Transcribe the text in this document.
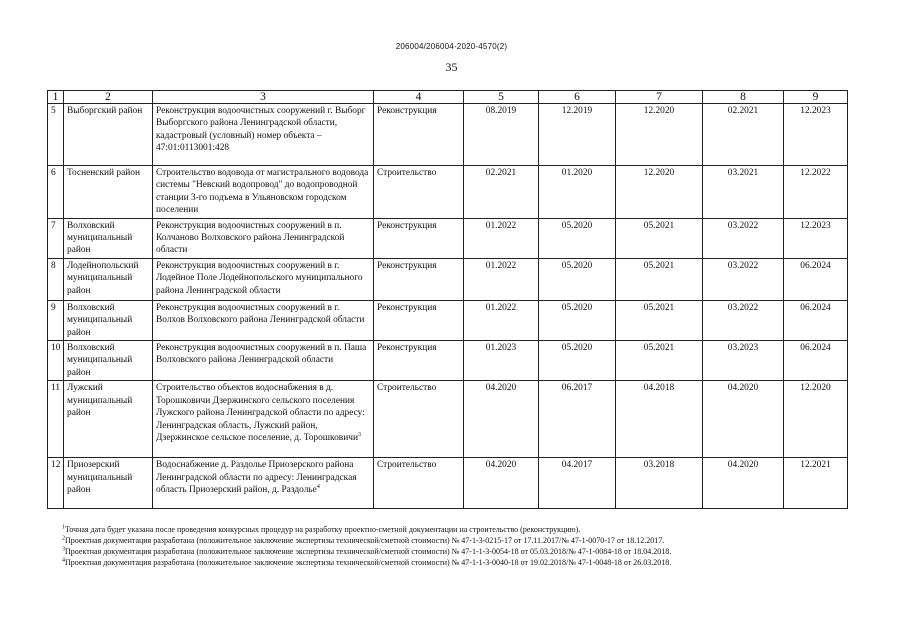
206004/206004-2020-4570(2)
35
1	2	3	4	5	6	7	8	9
5	Выборгский район	Реконструкция водоочистных сооружений г. Выборг Выборгского района Ленинградской области, кадастровый (условный) номер объекта – 47:01:0113001:428	Реконструкция	08.2019	12.2019	12.2020	02.2021	12.2023
6	Тосненский район	Строительство водовода от магистрального водовода системы "Невский водопровод" до водопроводной станции 3-го подъема в Ульяновском городском поселении	Строительство	02.2021	01.2020	12.2020	03.2021	12.2022
7	Волховский муниципальный район	Реконструкция водоочистных сооружений в п. Колчаново Волховского района Ленинградской области	Реконструкция	01.2022	05.2020	05.2021	03.2022	12.2023
8	Лодейнопольский муниципальный район	Реконструкция водоочистных сооружений в г. Лодейное Поле Лодейнопольского муниципального района Ленинградской области	Реконструкция	01.2022	05.2020	05.2021	03.2022	06.2024
9	Волховский муниципальный район	Реконструкция водоочистных сооружений в г. Волхов Волховского района Ленинградской области	Реконструкция	01.2022	05.2020	05.2021	03.2022	06.2024
10	Волховский муниципальный район	Реконструкция водоочистных сооружений в п. Паша Волховского района Ленинградской области	Реконструкция	01.2023	05.2020	05.2021	03.2023	06.2024
11	Лужский муниципальный район	Строительство объектов водоснабжения в д. Торошковичи Дзержинского сельского поселения Лужского района Ленинградской области по адресу: Ленинградская область, Лужский район, Дзержинское сельское поселение, д. Торошковичи$^3$	Строительство	04.2020	06.2017	04.2018	04.2020	12.2020
12	Приозерский муниципальный район	Водоснабжение д. Раздолье Приозерского района Ленинградской области по адресу: Ленинградская область Приозерский район, д. Раздолье$^4$	Строительство	04.2020	04.2017	03.2018	04.2020	12.2021
$^1$Точная дата будет указана после проведения конкурсных процедур на разработку проектно-сметной документации на строительство (реконструкцию).
$^2$Проектная документация разработана (положительное заключение экспертизы технической/сметной стоимости) № 47-1-3-0215-17 от 17.11.2017/№ 47-1-0070-17 от 18.12.2017.
$^3$Проектная документация разработана (положительное заключение экспертизы технической/сметной стоимости) № 47-1-1-3-0054-18 от 05.03.2018/№ 47-1-0084-18 от 18.04.2018.
$^4$Проектная документация разработана (положительное заключение экспертизы технической/сметной стоимости) № 47-1-1-3-0040-18 от 19.02.2018/№ 47-1-0048-18 от 26.03.2018.
